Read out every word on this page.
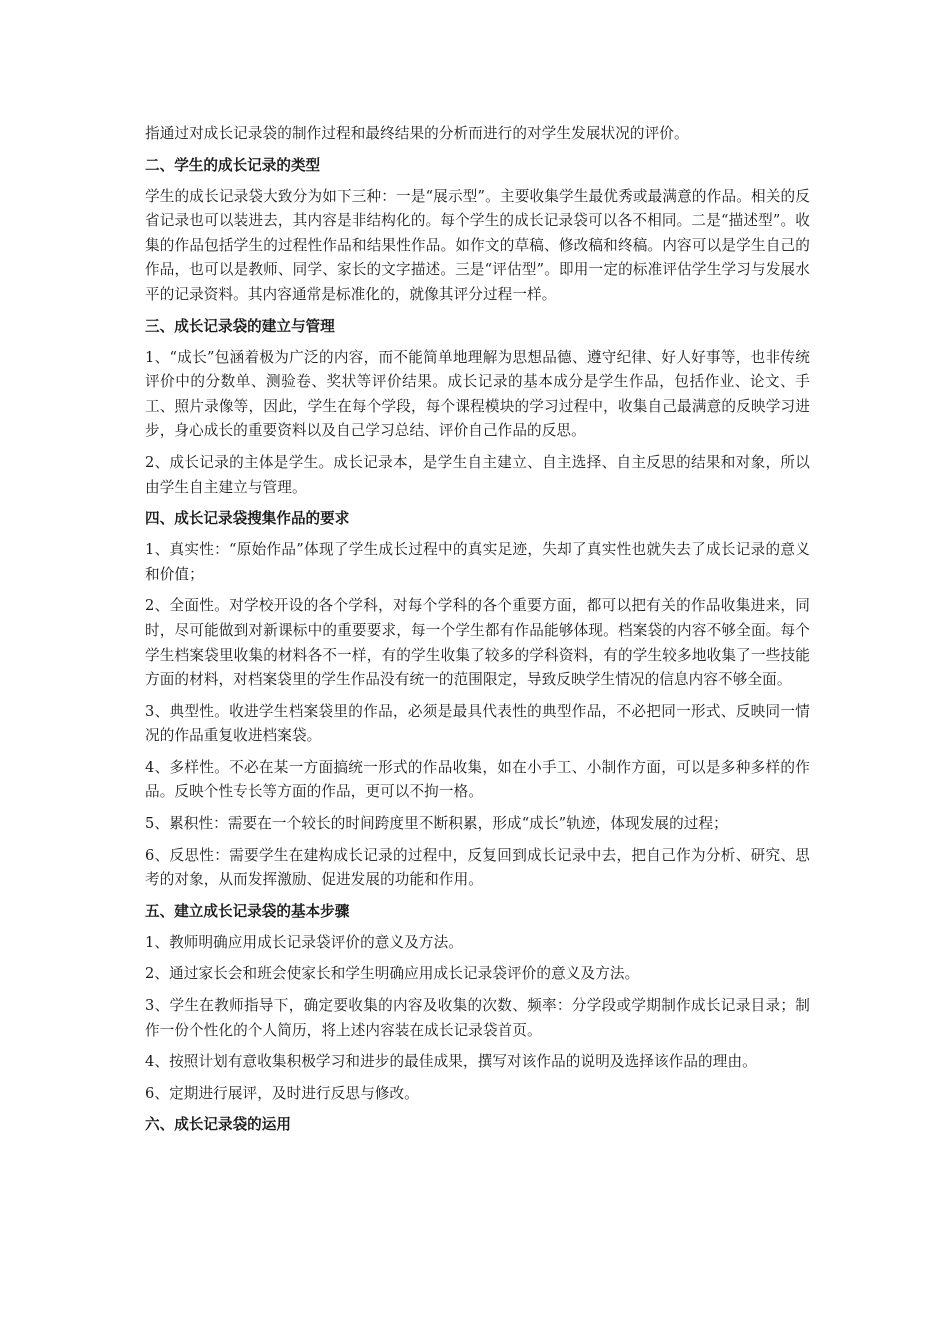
指通过对成长记录袋的制作过程和最终结果的分析而进行的对学生发展状况的评价。

二、学生的成长记录的类型

学生的成长记录袋大致分为如下三种：一是“展示型”。主要收集学生最优秀或最满意的作品。相关的反省记录也可以装进去，其内容是非结构化的。每个学生的成长记录袋可以各不相同。二是“描述型”。收集的作品包括学生的过程性作品和结果性作品。如作文的草稿、修改稿和终稿。内容可以是学生自己的作品，也可以是教师、同学、家长的文字描述。三是“评估型”。即用一定的标准评估学生学习与发展水平的记录资料。其内容通常是标准化的，就像其评分过程一样。

三、成长记录袋的建立与管理

1、“成长”包涵着极为广泛的内容，而不能简单地理解为思想品德、遵守纪律、好人好事等，也非传统评价中的分数单、测验卷、奖状等评价结果。成长记录的基本成分是学生作品，包括作业、论文、手工、照片录像等，因此，学生在每个学段，每个课程模块的学习过程中，收集自己最满意的反映学习进步，身心成长的重要资料以及自己学习总结、评价自己作品的反思。

2、成长记录的主体是学生。成长记录本，是学生自主建立、自主选择、自主反思的结果和对象，所以由学生自主建立与管理。

四、成长记录袋搜集作品的要求

1、真实性：“原始作品”体现了学生成长过程中的真实足迹，失却了真实性也就失去了成长记录的意义和价值；

2、全面性。对学校开设的各个学科，对每个学科的各个重要方面，都可以把有关的作品收集进来，同时，尽可能做到对新课标中的重要要求，每一个学生都有作品能够体现。档案袋的内容不够全面。每个学生档案袋里收集的材料各不一样，有的学生收集了较多的学科资料，有的学生较多地收集了一些技能方面的材料，对档案袋里的学生作品没有统一的范围限定，导致反映学生情况的信息内容不够全面。

3、典型性。收进学生档案袋里的作品，必须是最具代表性的典型作品，不必把同一形式、反映同一情况的作品重复收进档案袋。

4、多样性。不必在某一方面搞统一形式的作品收集，如在小手工、小制作方面，可以是多种多样的作品。反映个性专长等方面的作品，更可以不拘一格。

5、累积性：需要在一个较长的时间跨度里不断积累，形成“成长”轨迹，体现发展的过程；

6、反思性：需要学生在建构成长记录的过程中，反复回到成长记录中去，把自己作为分析、研究、思考的对象，从而发挥激励、促进发展的功能和作用。

五、建立成长记录袋的基本步骤

1、教师明确应用成长记录袋评价的意义及方法。

2、通过家长会和班会使家长和学生明确应用成长记录袋评价的意义及方法。

3、学生在教师指导下，确定要收集的内容及收集的次数、频率：分学段或学期制作成长记录目录；制作一份个性化的个人简历，将上述内容装在成长记录袋首页。

4、按照计划有意收集积极学习和进步的最佳成果，撰写对该作品的说明及选择该作品的理由。

6、定期进行展评，及时进行反思与修改。

六、成长记录袋的运用
